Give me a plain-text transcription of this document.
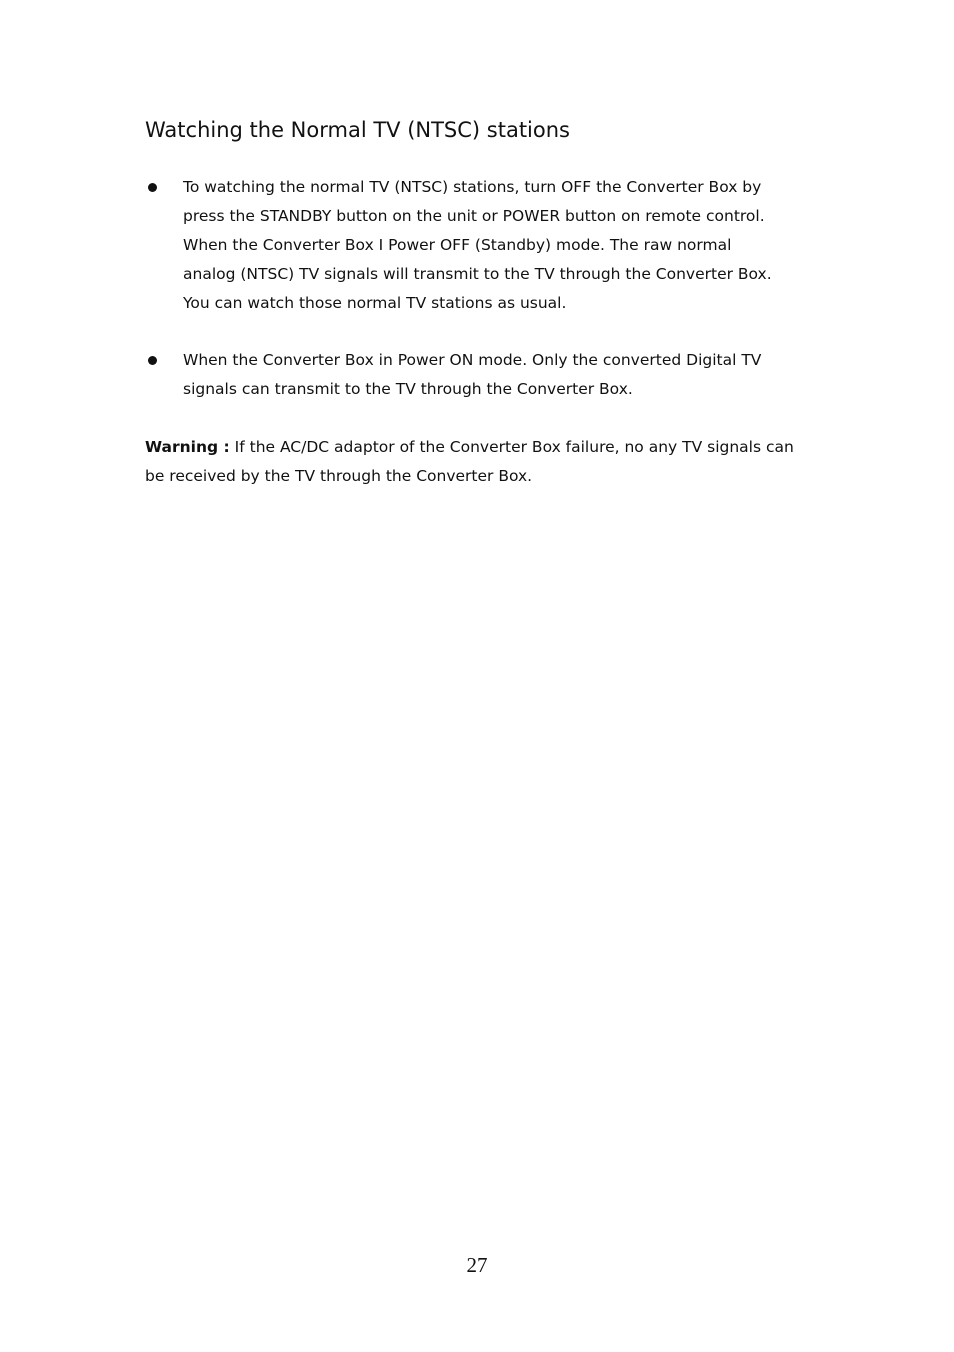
Watching the Normal TV (NTSC) stations
To watching the normal TV (NTSC) stations, turn OFF the Converter Box by
press the STANDBY button on the unit or POWER button on remote control.
When the Converter Box I Power OFF (Standby) mode. The raw normal
analog (NTSC) TV signals will transmit to the TV through the Converter Box.
You can watch those normal TV stations as usual.
When the Converter Box in Power ON mode. Only the converted Digital TV
signals can transmit to the TV through the Converter Box.

Warning : If the AC/DC adaptor of the Converter Box failure, no any TV signals can
be received by the TV through the Converter Box.

27
